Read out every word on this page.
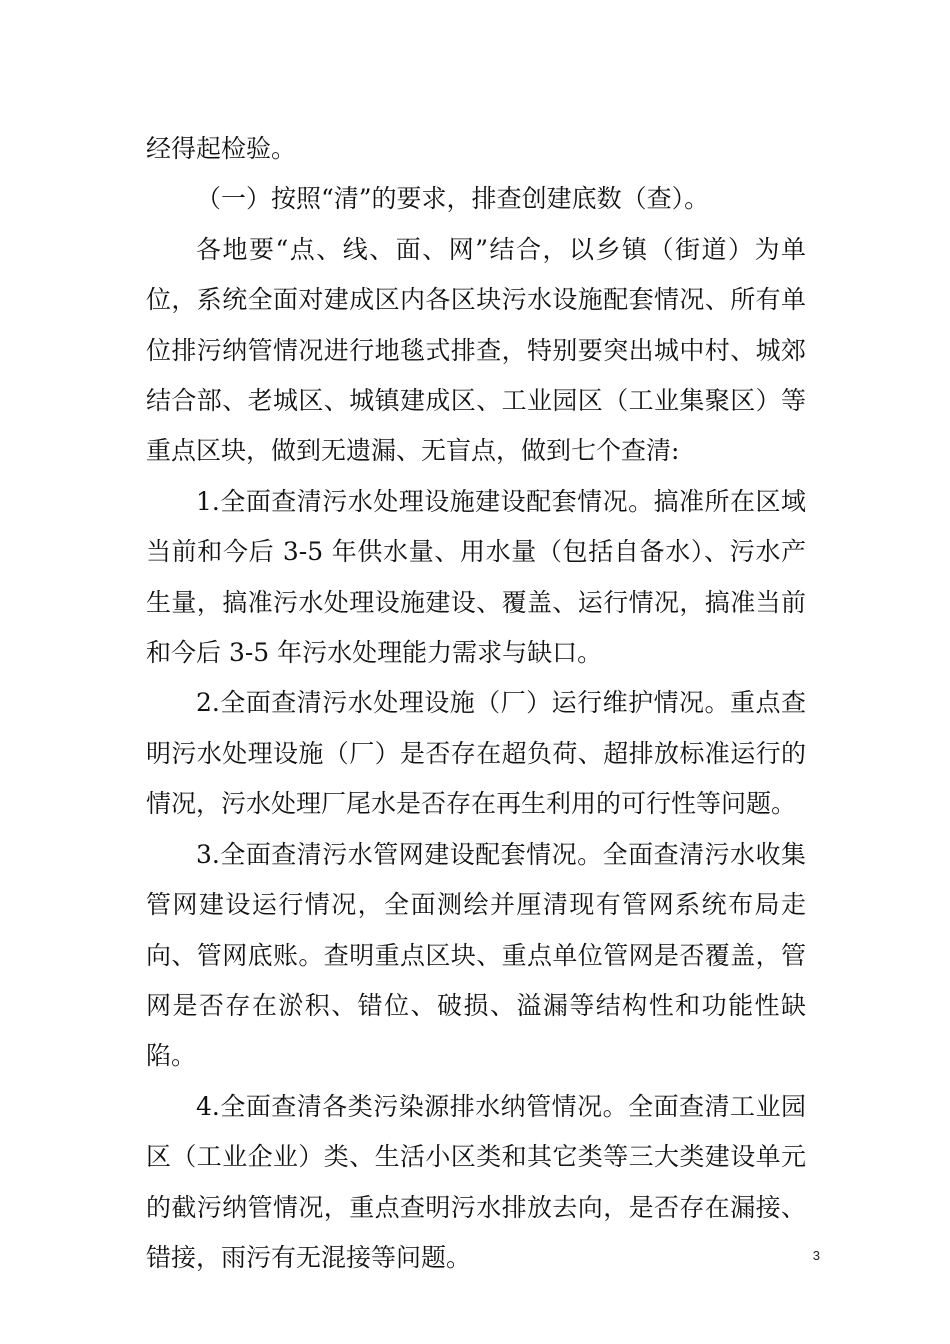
经得起检验。

（一）按照“清”的要求，排查创建底数（查）。

各地要“点、线、面、网”结合，以乡镇（街道）为单位，系统全面对建成区内各区块污水设施配套情况、所有单位排污纳管情况进行地毯式排查，特别要突出城中村、城郊结合部、老城区、城镇建成区、工业园区（工业集聚区）等重点区块，做到无遗漏、无盲点，做到七个查清:

1.全面查清污水处理设施建设配套情况。搞准所在区域当前和今后 3-5 年供水量、用水量（包括自备水）、污水产生量，搞准污水处理设施建设、覆盖、运行情况，搞准当前和今后 3-5 年污水处理能力需求与缺口。

2.全面查清污水处理设施（厂）运行维护情况。重点查明污水处理设施（厂）是否存在超负荷、超排放标准运行的情况，污水处理厂尾水是否存在再生利用的可行性等问题。

3.全面查清污水管网建设配套情况。全面查清污水收集管网建设运行情况，全面测绘并厘清现有管网系统布局走向、管网底账。查明重点区块、重点单位管网是否覆盖，管网是否存在淤积、错位、破损、溢漏等结构性和功能性缺陷。

4.全面查清各类污染源排水纳管情况。全面查清工业园区（工业企业）类、生活小区类和其它类等三大类建设单元的截污纳管情况，重点查明污水排放去向，是否存在漏接、错接，雨污有无混接等问题。	3
